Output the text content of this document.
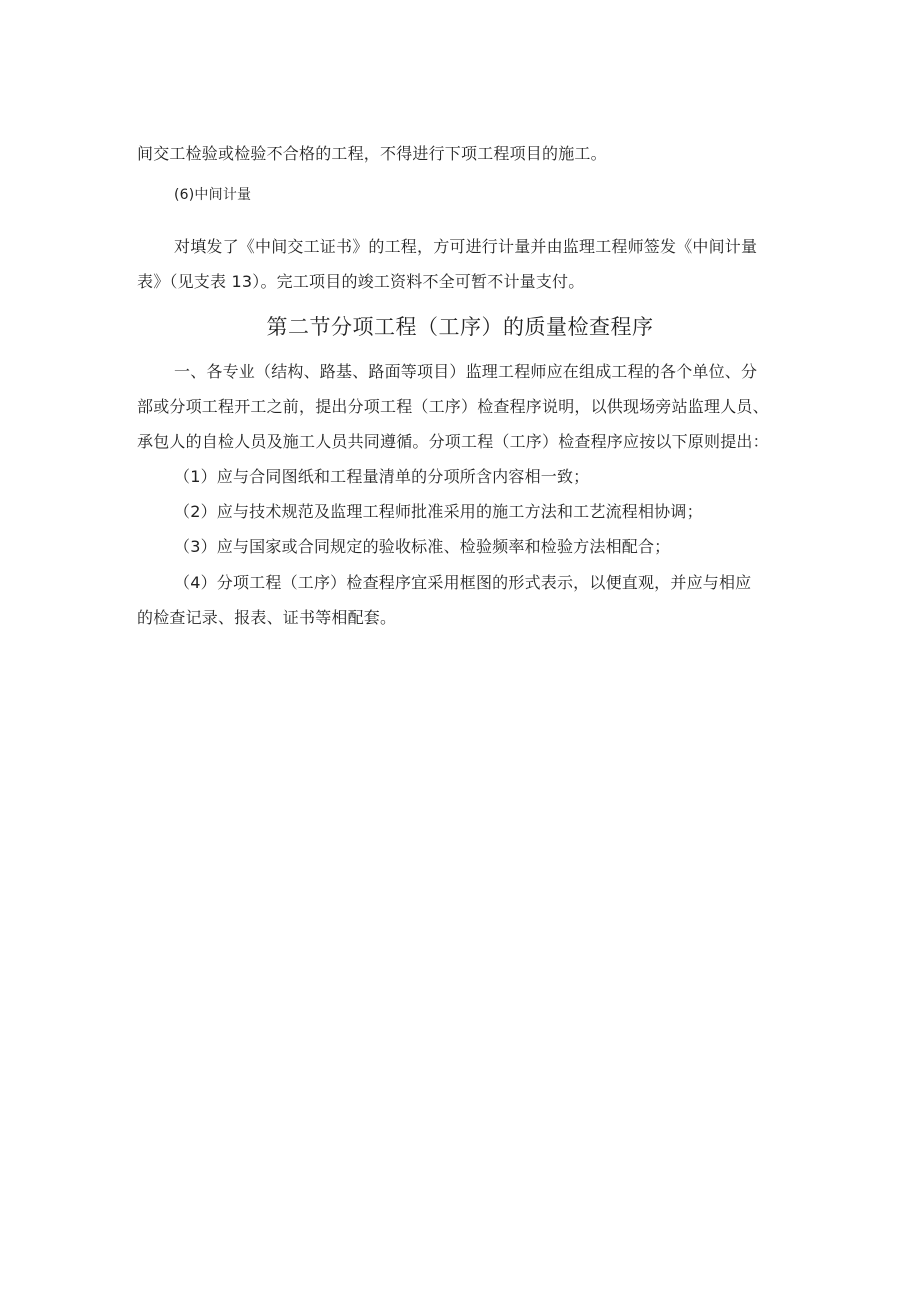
间交工检验或检验不合格的工程，不得进行下项工程项目的施工。
(6)中间计量
对填发了《中间交工证书》的工程，方可进行计量并由监理工程师签发《中间计量
表》（见支表 13）。完工项目的竣工资料不全可暂不计量支付。
第二节分项工程（工序）的质量检查程序
一、各专业（结构、路基、路面等项目）监理工程师应在组成工程的各个单位、分
部或分项工程开工之前，提出分项工程（工序）检查程序说明，以供现场旁站监理人员、
承包人的自检人员及施工人员共同遵循。分项工程（工序）检查程序应按以下原则提出：
（1）应与合同图纸和工程量清单的分项所含内容相一致；
（2）应与技术规范及监理工程师批准采用的施工方法和工艺流程相协调；
（3）应与国家或合同规定的验收标准、检验频率和检验方法相配合；
（4）分项工程（工序）检查程序宜采用框图的形式表示，以便直观，并应与相应
的检查记录、报表、证书等相配套。
